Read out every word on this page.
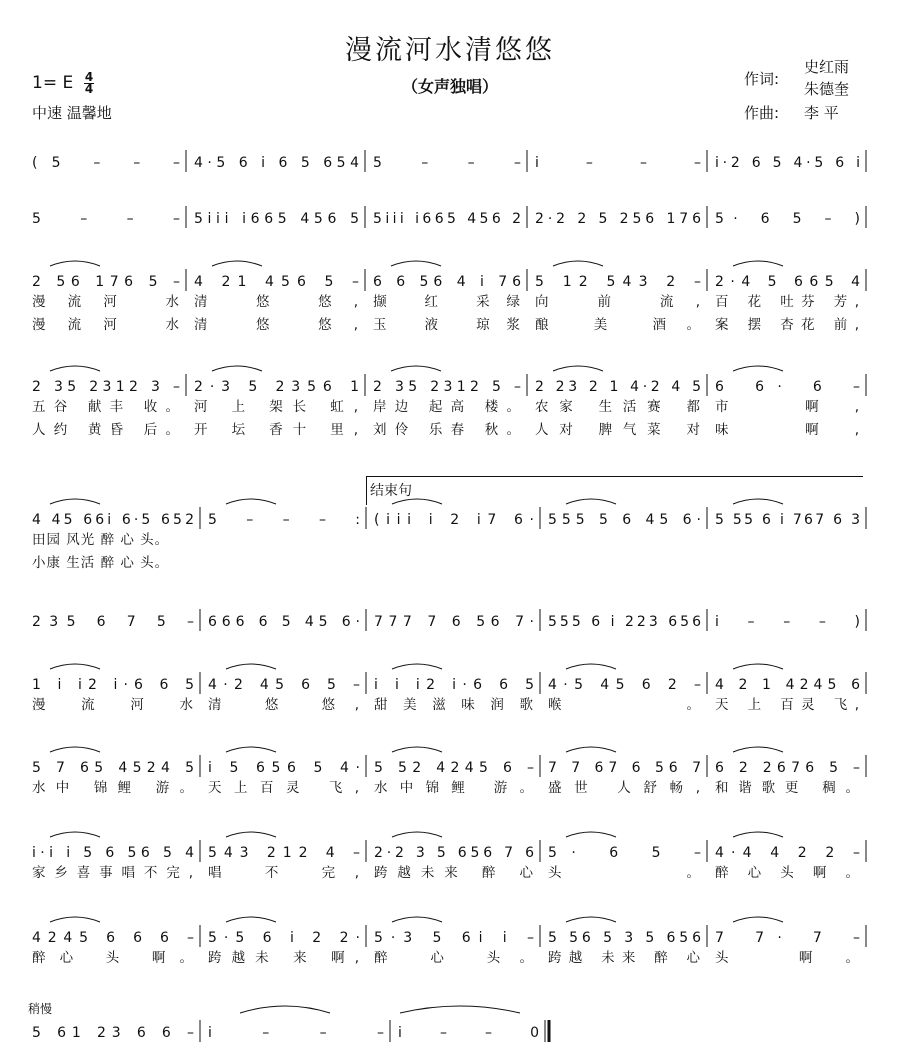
漫流河水清悠悠
（女声独唱）
1= E $\frac{4}{4}$
中速 温馨地
作词:
史红雨
朱德奎
作曲: 李 平
结束句
稍慢
(5 – – – 4·5 6 i 6 5 654 5 – – – i – – – i·2 6 5 4·5 6 i
5 – – – 5iii i665 456 5 5iii i665 456 2 2·2 2 5 256 176 5· 6 5 – )
2 56 176 5 – 4 21 456 5 – 6 6 56 4 i 76 5 12 543 2 – 2·4 5 665 4
漫流河 水 清 悠 悠, 撷 红 采绿 向 前 流, 百 花 吐芬 芳,
漫流河 水 清 悠 悠, 玉 液 琼浆 酿 美 酒。 案 摆 杏花 前,
2 35 2312 3 – 2·3 5 2356 1 2 35 2312 5 – 2 23 2 1 4·2 4 5 6 6· 6 –
五谷 献丰 收。 河 上 架长 虹, 岸边 起高 楼。 农家 生活赛 都 市 啊,
人约 黄昏 后。 开 坛 香十 里, 刘伶 乐春 秋。 人对 脾气菜 对 味 啊,
4 45 66i 6·5 652 5 – – – : (iii i 2 i7 6· 555 5 6 45 6· 5 55 6 i 767 6 3
田园 风光 醉 心 头。
小康 生活 醉 心 头。
235 6 7 5 – 666 6 5 45 6· 777 7 6 56 7· 555 6 i 223 656 i – – – )
1 i i2 i·6 6 5 4·2 45 6 5 – i i i2 i·6 6 5 4·5 45 6 2 – 4 2 1 4245 6
漫 流 河 水 清 悠 悠, 甜 美 滋 味 润 歌 喉。 天 上 百灵 飞,
5 7 65 4524 5 i 5 656 5 4· 5 52 4245 6 – 7 7 67 6 56 7 6 2 2676 5 –
水中 锦鲤 游。 天上百灵 飞, 水中锦鲤 游。 盛世 人舒畅, 和谐歌更 稠。
i·i i 5 6 56 5 4 543 212 4 – 2·2 3 5 656 7 6 5· 6 5 – 4·4 4 2 2 –
家乡喜事唱不完, 唱 不 完, 跨越未来 醉 心 头。 醉心头啊。
4245 6 6 6 – 5·5 6 i 2 2· 5·3 5 6i i – 5 56 5 3 5 656 7 7· 7 –
醉心 头 啊。 跨越未 来 啊, 醉 心 头。 跨越 未来 醉 心 头 啊。
5 61 23 6 6 – i – – – i – – 0
